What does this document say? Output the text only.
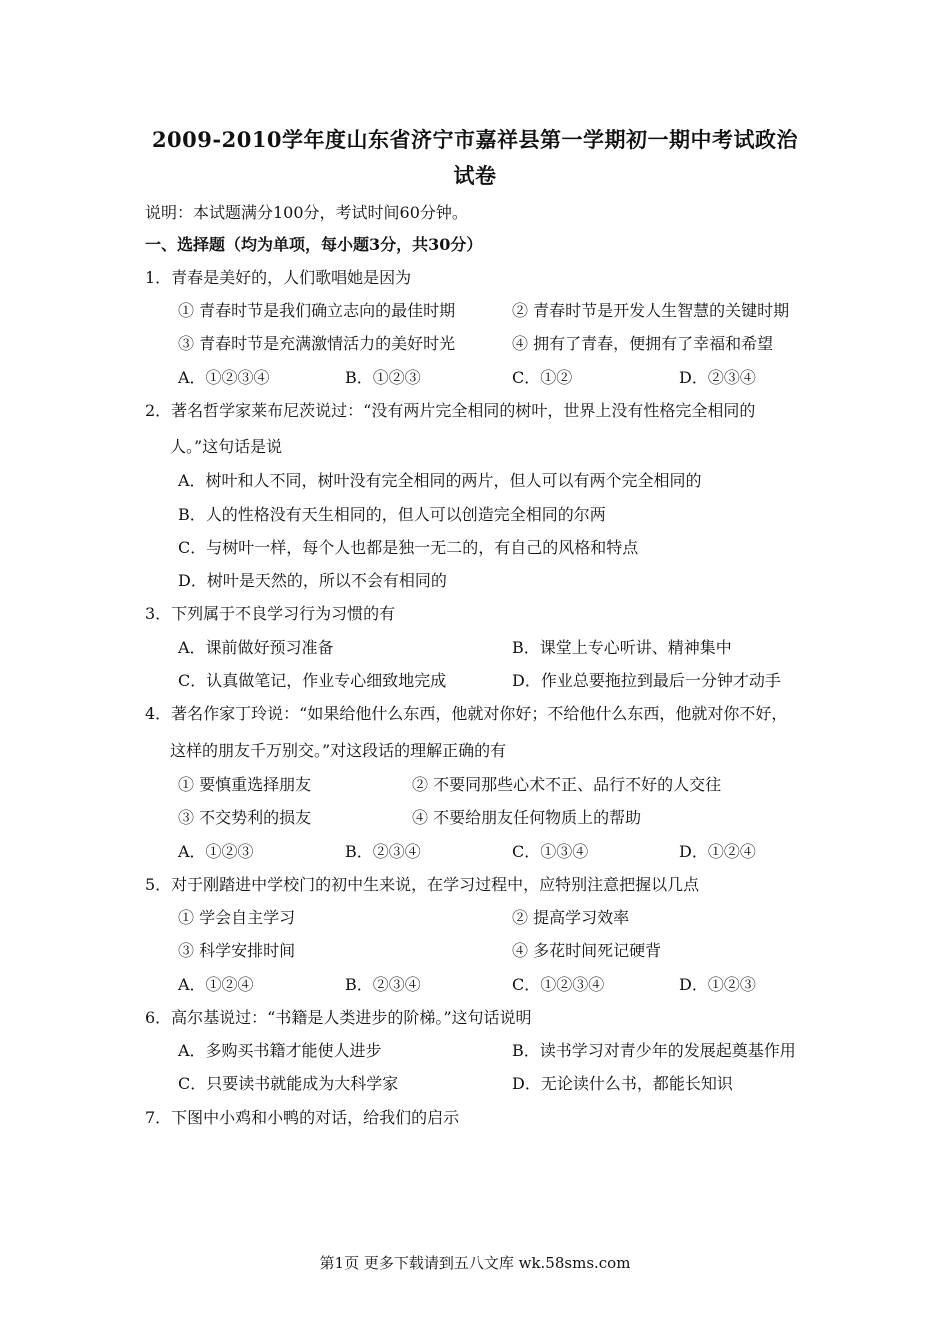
2009-2010学年度山东省济宁市嘉祥县第一学期初一期中考试政治
试卷
说明：本试题满分100分，考试时间60分钟。
一、选择题（均为单项，每小题3分，共30分）
1．青春是美好的，人们歌唱她是因为
① 青春时节是我们确立志向的最佳时期	② 青春时节是开发人生智慧的关键时期
③ 青春时节是充满激情活力的美好时光	④ 拥有了青春，便拥有了幸福和希望
A．①②③④	B．①②③	C．①②	D．②③④
2．著名哲学家莱布尼茨说过：“没有两片完全相同的树叶，世界上没有性格完全相同的
人。”这句话是说
A．树叶和人不同，树叶没有完全相同的两片，但人可以有两个完全相同的
B．人的性格没有天生相同的，但人可以创造完全相同的尔两
C．与树叶一样，每个人也都是独一无二的，有自己的风格和特点
D．树叶是天然的，所以不会有相同的
3．下列属于不良学习行为习惯的有
A．课前做好预习准备	B．课堂上专心听讲、精神集中
C．认真做笔记，作业专心细致地完成	D．作业总要拖拉到最后一分钟才动手
4．著名作家丁玲说：“如果给他什么东西，他就对你好；不给他什么东西，他就对你不好，
这样的朋友千万别交。”对这段话的理解正确的有
① 要慎重选择朋友	② 不要同那些心术不正、品行不好的人交往
③ 不交势利的损友	④ 不要给朋友任何物质上的帮助
A．①②③	B．②③④	C．①③④	D．①②④
5．对于刚踏进中学校门的初中生来说，在学习过程中，应特别注意把握以几点
① 学会自主学习	② 提高学习效率
③ 科学安排时间	④ 多花时间死记硬背
A．①②④	B．②③④	C．①②③④	D．①②③
6．高尔基说过：“书籍是人类进步的阶梯。”这句话说明
A．多购买书籍才能使人进步	B．读书学习对青少年的发展起奠基作用
C．只要读书就能成为大科学家	D．无论读什么书，都能长知识
7．下图中小鸡和小鸭的对话，给我们的启示
第1页 更多下载请到五八文库 wk.58sms.com
